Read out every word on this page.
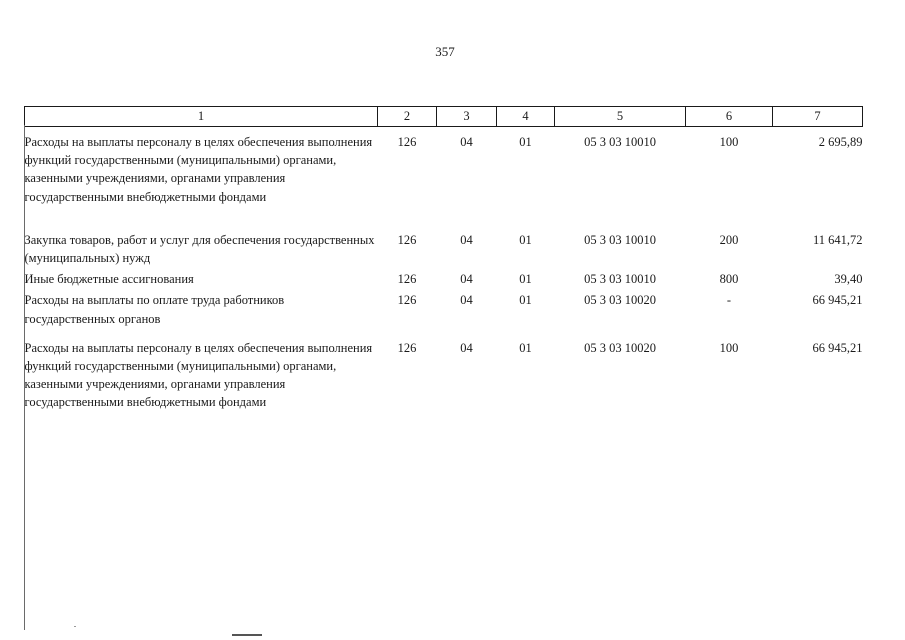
357
1	2	3	4	5	6	7
Расходы на выплаты персоналу в целях обеспечения выполнения функций государственными (муниципальными) органами, казенными учреждениями, органами управления государственными внебюджетными фондами	126	04	01	05 3 03 10010	100	2 695,89

Закупка товаров, работ и услуг для обеспечения государственных (муниципальных) нужд	126	04	01	05 3 03 10010	200	11 641,72
Иные бюджетные ассигнования	126	04	01	05 3 03 10010	800	39,40
Расходы на выплаты по оплате труда работников государственных органов	126	04	01	05 3 03 10020	-	66 945,21

Расходы на выплаты персоналу в целях обеспечения выполнения функций государственными (муниципальными) органами, казенными учреждениями, органами управления государственными внебюджетными фондами	126	04	01	05 3 03 10020	100	66 945,21
